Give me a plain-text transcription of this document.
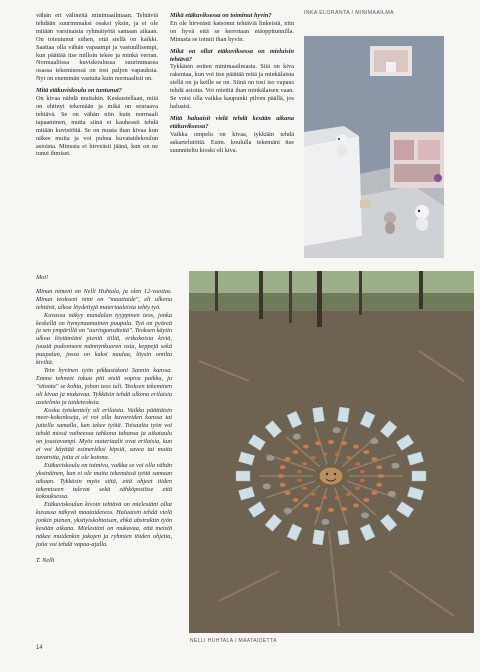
INKA ELORANTA / MINIMAAILMA

vähän eri välineitä minimaailmaan. Tehtäviä tehdään suurimmaksi osaksi yksin, ja ei ole mitään varsinaista ryhmätyötä samaan aikaan. On toteutunut siihen, että siellä on kaikki. Saattaa olla vähän vapaampi ja vastuullisempi, kun päättää itse milloin tekee ja minkä verran. Normaaliissa kuviskoulussa suurimmassa osassa tekemisessä on tosi paljon vapauksia. Nyt on enemmän vastuita kuin normaalisti on.

Mitä etäkuviskoulu on tuntunut?

On kivaa nähdä muitakin. Keskustellaan, mitä on ehtinyt tekemään ja mikä on seuraava tehtävä. Se on vähän niin kuin normaali tapaaminen, mutta siinä ei kauheasti tehdä mitään kuvistöitä. Se on musta ihan kivaa kun näkee muita ja voi puhua kuvataidekoulun asioista. Minusta ei hirveästi jäänä, kun on ne tunut ihmiset.

Mikä etäkuviksessa on toiminut hyvin?

En ole hirveästi katsonut tehtäviä linkeistä, niin on hyvä että se kerrotaan etäoppitunnilla. Minusta se toimii ihan hyvin.

Mikä on ollut etäkuviksessa on mieluisin tehtävä?

Tykkäsin eniten minimaailmasta. Sitä on kiva rakentaa, kun voi itse päättää mitä ja minkälaista siellä on ja keille se on. Siinä on tosi iso vapaus tehdä asioita. Voi miettiä ihan minkälaisen vaan. Se voisi olla vaikka kaupunki pilven päällä, jos haluaisi.

Mitä haluaisit vielä tehdä kesään aikana etäkuviksessa?

Vaikka ompelu on kivaa, tykkään tehdä askartelutöitä. Esim. koululla tekemäni itse suunniteltu kioski oli kiva.

Moi!

Minun nimeni on Nelli Huhtala, ja olen 12-vuotias. Minun teokseni nimi on "maatiaide", eli ulkona tehtävä, ulkoa löydettyjä materiaaleista tehty työ.

Kuvassa näkyy mandalan tyyppinen teos, jonka keskellä on hymynaamainen puupala. Työ on pyöreä ja sen ympärillä on "auringonsäteitä". Teoksen käytin ulkoa löytämiäni pieniä tiiliä, erikokoisia kiviä, joustä pudonneen männynkuoren osia, keppejä sekä puupalan, jossa on kaksi naulaa, löysin omilta kiviltä.

Tein hyvinen työn pikkusiskoni Sannin kanssa. Emme tehneet tokua piti etsiä sopiva paikka, ja "sitoota" se kohta, johon teos tuli. Teoksen tekeminen oli kivaa ja mukavaa. Tykkäsin tehdä ulkona erilaisia asetelmia ja taideteoksia.

Koska työskentely oli erilaista. Vaikka päättäisin meer-kokonkseja, ei voi olla kuvoreiden kanssa tai juttella samalla, kun tekee työtä. Toisaalta työn voi tehdä missä vaiheessa tahkona tahansa ja aikataulu on joustavampi. Myös materiaalit ovat erilaisia, kun ei voi käyttää esimerkiksi kipsiä, savea tai muita tavaroita, joita ei ole kotona.

Etäkuviskoulu on toimiva, vaikka se voi olla vähän yksinäinen, kun ei ole muita tekemässä työtä samaan aikaan. Tykkäsin myös siitä, että ohjeet tiiden tekemiseen tulevat sekä sähköpostitse että kokouksessa.

Etäkuviskoulun kivoin tehtävä on mielestäni ollut kuvassa näkyvä maataideteos. Haluaisin tehdä vielä jonkin pienen, yksityiskohtaisen, ehkä abstraktin työn kesään aikana. Mielestäni on mukavaa, että meistä näkee muidenkin jakojen ja ryhmien töiden ohjeita, joita voi tehdä vapaa-ajalla.

T. Nelli

NELLI HUHTALA / MAATAIDETTA
14
